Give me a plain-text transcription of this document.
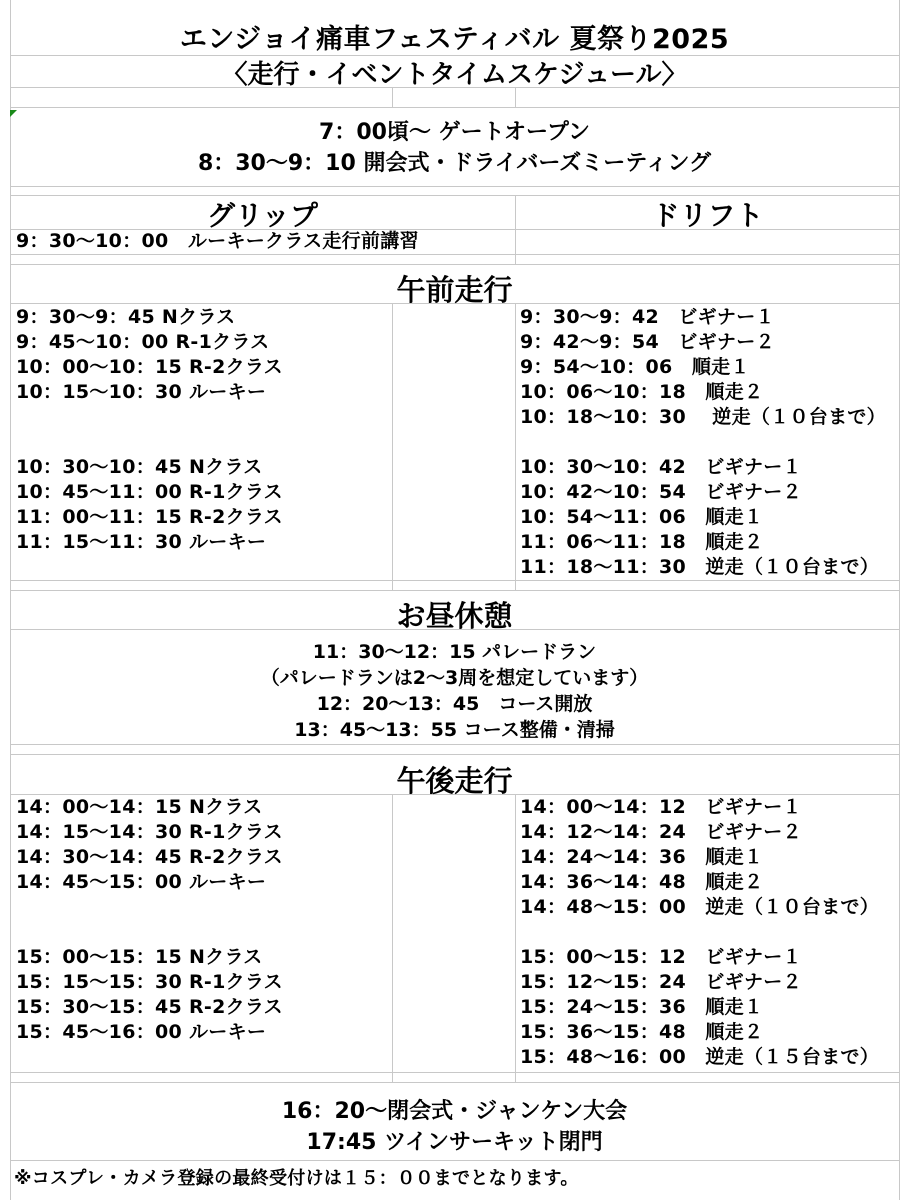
エンジョイ痛車フェスティバル 夏祭り2025
〈走行・イベントタイムスケジュール〉
7：00頃～ ゲートオープン
8：30～9：10 開会式・ドライバーズミーティング
グリップ	ドリフト
9：30～10：00　ルーキークラス走行前講習
午前走行
9：30～9：45 Nクラス
9：45～10：00 R-1クラス
10：00～10：15 R-2クラス
10：15～10：30 ルーキー
10：30～10：45 Nクラス
10：45～11：00 R-1クラス
11：00～11：15 R-2クラス
11：15～11：30 ルーキー
9：30～9：42　ビギナー１
9：42～9：54　ビギナー２
9：54～10：06　順走１
10：06～10：18　順走２
10：18～10：30　 逆走（１０台まで）
10：30～10：42　ビギナー１
10：42～10：54　ビギナー２
10：54～11：06　順走１
11：06～11：18　順走２
11：18～11：30　逆走（１０台まで）
お昼休憩
11：30～12：15 パレードラン
（パレードランは2～3周を想定しています）
12：20～13：45　コース開放
13：45～13：55 コース整備・清掃
午後走行
14：00～14：15 Nクラス
14：15～14：30 R-1クラス
14：30～14：45 R-2クラス
14：45～15：00 ルーキー
15：00～15：15 Nクラス
15：15～15：30 R-1クラス
15：30～15：45 R-2クラス
15：45～16：00 ルーキー
14：00～14：12　ビギナー１
14：12～14：24　ビギナー２
14：24～14：36　順走１
14：36～14：48　順走２
14：48～15：00　逆走（１０台まで）
15：00～15：12　ビギナー１
15：12～15：24　ビギナー２
15：24～15：36　順走１
15：36～15：48　順走２
15：48～16：00　逆走（１５台まで）
16：20～閉会式・ジャンケン大会
17:45 ツインサーキット閉門
※コスプレ・カメラ登録の最終受付けは１５：００までとなります。
